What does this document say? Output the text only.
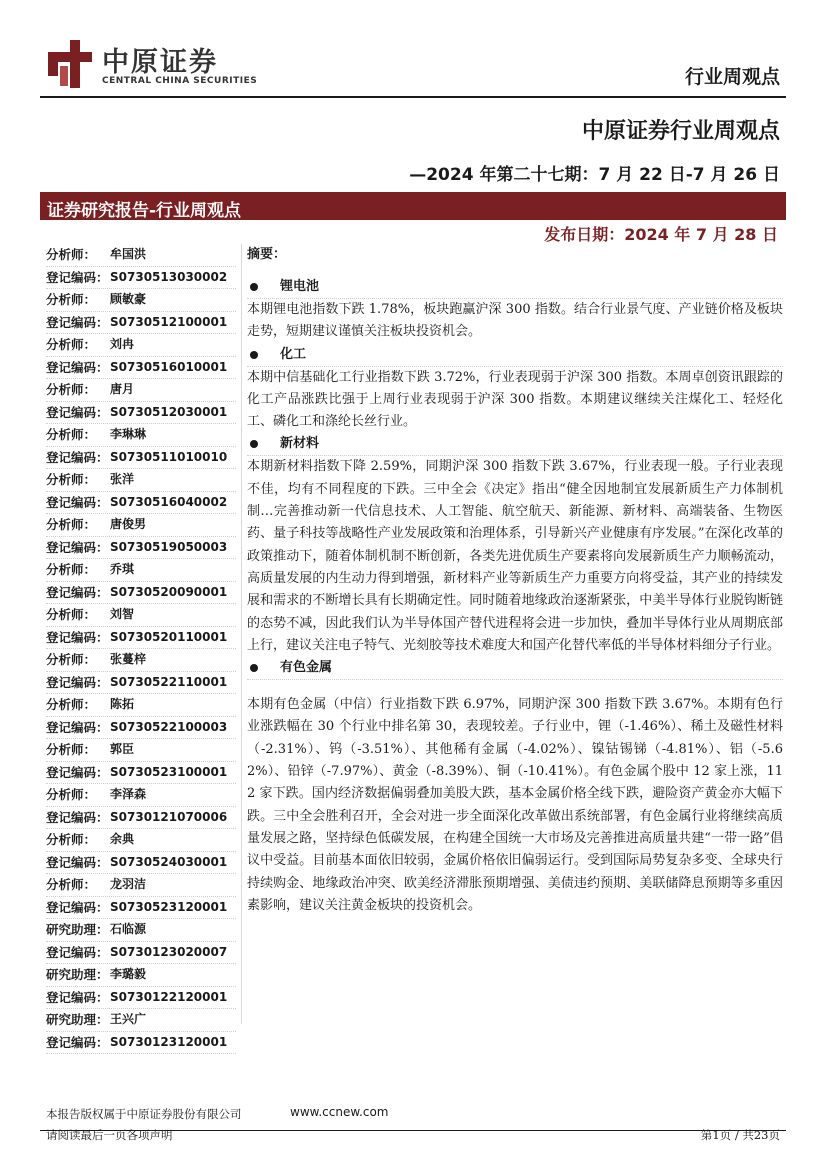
中原证券
CENTRAL CHINA SECURITIES	行业周观点
中原证券行业周观点
—2024 年第二十七期：7 月 22 日-7 月 26 日
证券研究报告-行业周观点
发布日期：2024 年 7 月 28 日
分析师：	牟国洪
登记编码： S0730513030002
分析师：	顾敏豪
登记编码： S0730512100001
分析师：	刘冉
登记编码： S0730516010001
分析师：	唐月
登记编码： S0730512030001
分析师：	李琳琳
登记编码： S0730511010010
分析师：	张洋
登记编码： S0730516040002
分析师：	唐俊男
登记编码： S0730519050003
分析师：	乔琪
登记编码： S0730520090001
分析师：	刘智
登记编码： S0730520110001
分析师：	张蔓梓
登记编码： S0730522110001
分析师：	陈拓
登记编码： S0730522100003
分析师：	郭臣
登记编码： S0730523100001
分析师：	李泽森
登记编码： S0730121070006
分析师：	余典
登记编码： S0730524030001
分析师：	龙羽洁
登记编码： S0730523120001
研究助理： 石临源
登记编码： S0730123020007
研究助理： 李璐毅
登记编码： S0730122120001
研究助理： 王兴广
登记编码： S0730123120001
摘要：
锂电池

本期锂电池指数下跌 1.78%，板块跑赢沪深 300 指数。结合行业景气度、产业链价格及板块走势，短期建议谨慎关注板块投资机会。

化工

本期中信基础化工行业指数下跌 3.72%，行业表现弱于沪深 300 指数。本周卓创资讯跟踪的化工产品涨跌比强于上周行业表现弱于沪深 300 指数。本期建议继续关注煤化工、轻烃化工、磷化工和涤纶长丝行业。

新材料

本期新材料指数下降 2.59%，同期沪深 300 指数下跌 3.67%，行业表现一般。子行业表现不佳，均有不同程度的下跌。三中全会《决定》指出“健全因地制宜发展新质生产力体制机制…完善推动新一代信息技术、人工智能、航空航天、新能源、新材料、高端装备、生物医药、量子科技等战略性产业发展政策和治理体系，引导新兴产业健康有序发展。”在深化改革的政策推动下，随着体制机制不断创新，各类先进优质生产要素将向发展新质生产力顺畅流动，高质量发展的内生动力得到增强，新材料产业等新质生产力重要方向将受益，其产业的持续发展和需求的不断增长具有长期确定性。同时随着地缘政治逐渐紧张，中美半导体行业脱钩断链的态势不减，因此我们认为半导体国产替代进程将会进一步加快，叠加半导体行业从周期底部上行，建议关注电子特气、光刻胶等技术难度大和国产化替代率低的半导体材料细分子行业。

有色金属

本期有色金属（中信）行业指数下跌 6.97%，同期沪深 300 指数下跌 3.67%。本期有色行业涨跌幅在 30 个行业中排名第 30，表现较差。子行业中，锂（-1.46%）、稀土及磁性材料（-2.31%）、钨（-3.51%）、其他稀有金属（-4.02%）、镍钴锡锑（-4.81%）、铝（-5.62%）、铅锌（-7.97%）、黄金（-8.39%）、铜（-10.41%）。有色金属个股中 12 家上涨，112 家下跌。国内经济数据偏弱叠加美股大跌，基本金属价格全线下跌，避险资产黄金亦大幅下跌。三中全会胜利召开，全会对进一步全面深化改革做出系统部署，有色金属行业将继续高质量发展之路，坚持绿色低碳发展，在构建全国统一大市场及完善推进高质量共建“一带一路”倡议中受益。目前基本面依旧较弱，金属价格依旧偏弱运行。受到国际局势复杂多变、全球央行持续购金、地缘政治冲突、欧美经济滞胀预期增强、美债违约预期、美联储降息预期等多重因素影响，建议关注黄金板块的投资机会。

本报告版权属于中原证券股份有限公司	www.ccnew.com
请阅读最后一页各项声明	第1页 / 共23页
